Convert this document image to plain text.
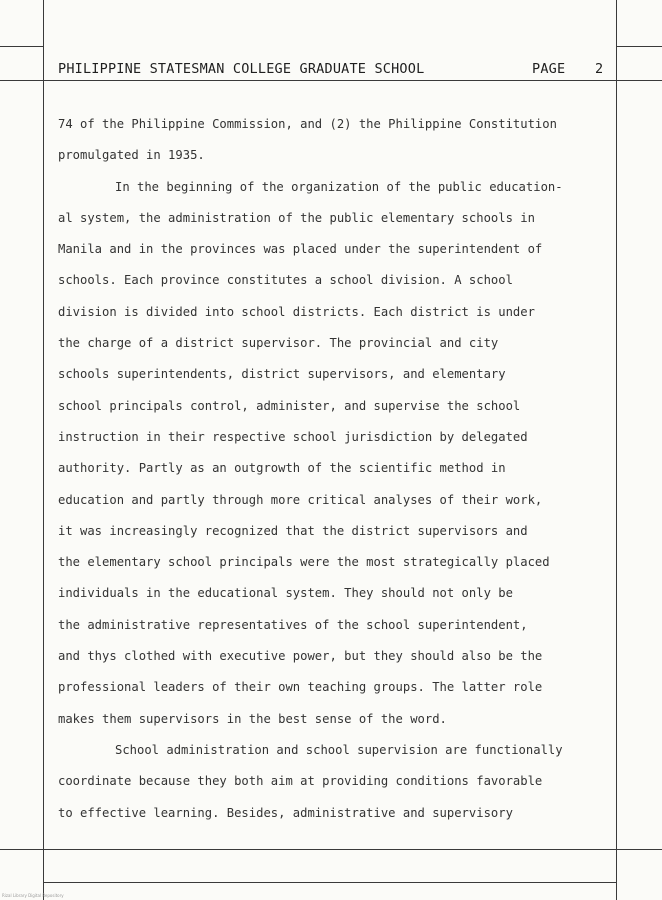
PHILIPPINE STATESMAN COLLEGE GRADUATE SCHOOL	PAGE 2
74 of the Philippine Commission, and (2) the Philippine Constitution
promulgated in 1935.
In the beginning of the organization of the public education-
al system, the administration of the public elementary schools in
Manila and in the provinces was placed under the superintendent of
schools. Each province constitutes a school division. A school
division is divided into school districts. Each district is under
the charge of a district supervisor. The provincial and city
schools superintendents, district supervisors, and elementary
school principals control, administer, and supervise the school
instruction in their respective school jurisdiction by delegated
authority. Partly as an outgrowth of the scientific method in
education and partly through more critical analyses of their work,
it was increasingly recognized that the district supervisors and
the elementary school principals were the most strategically placed
individuals in the educational system. They should not only be
the administrative representatives of the school superintendent,
and thys clothed with executive power, but they should also be the
professional leaders of their own teaching groups. The latter role
makes them supervisors in the best sense of the word.
School administration and school supervision are functionally
coordinate because they both aim at providing conditions favorable
to effective learning. Besides, administrative and supervisory
Rizal Library Digital Repository
